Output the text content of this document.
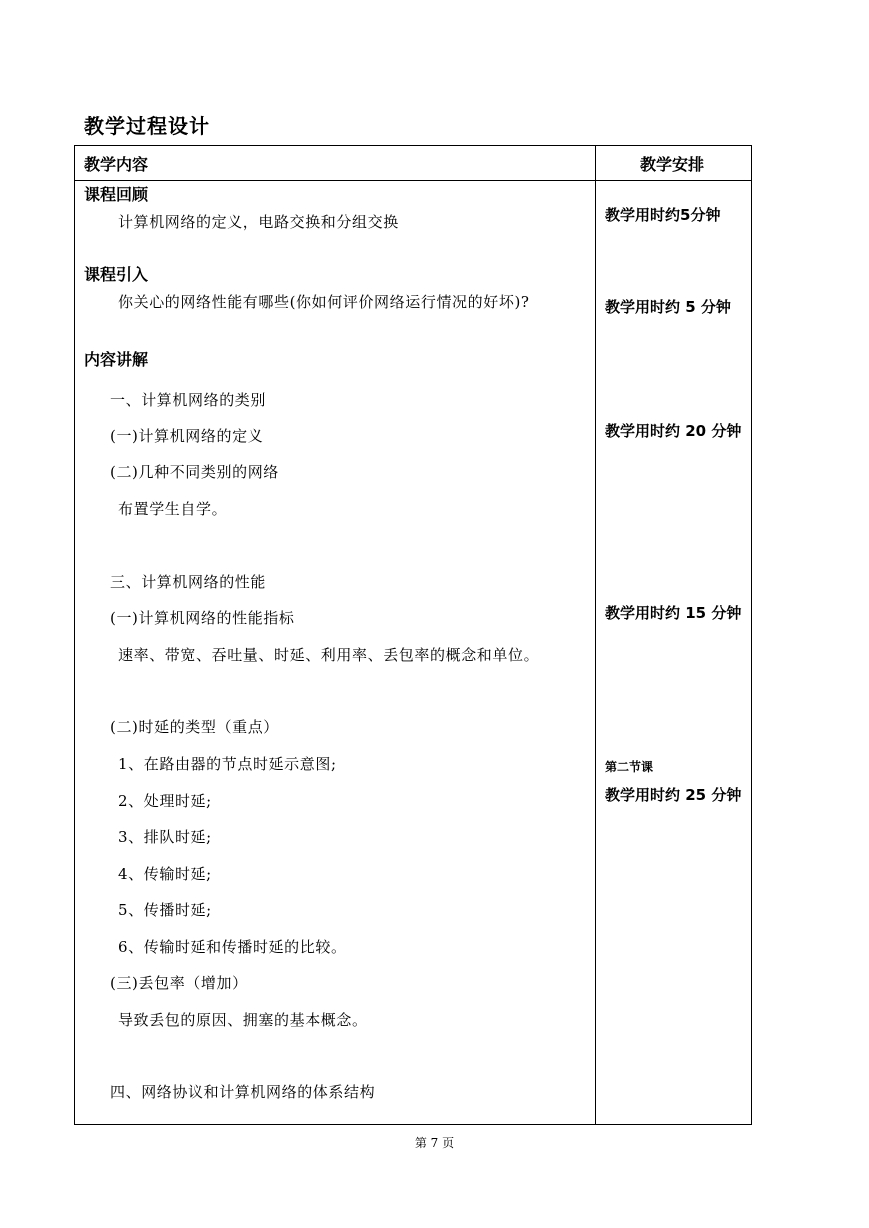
教学过程设计
教学内容	教学安排
课程回顾
计算机网络的定义，电路交换和分组交换
课程引入
你关心的网络性能有哪些(你如何评价网络运行情况的好坏)?
内容讲解
一、计算机网络的类别
(一)计算机网络的定义
(二)几种不同类别的网络
布置学生自学。
三、计算机网络的性能
(一)计算机网络的性能指标
速率、带宽、吞吐量、时延、利用率、丢包率的概念和单位。
(二)时延的类型（重点）
1、在路由器的节点时延示意图;
2、处理时延;
3、排队时延;
4、传输时延;
5、传播时延;
6、传输时延和传播时延的比较。
(三)丢包率（增加）
导致丢包的原因、拥塞的基本概念。
四、网络协议和计算机网络的体系结构
教学用时约5分钟
教学用时约 5 分钟
教学用时约 20 分钟
教学用时约 15 分钟
第二节课
教学用时约 25 分钟
第 7 页
